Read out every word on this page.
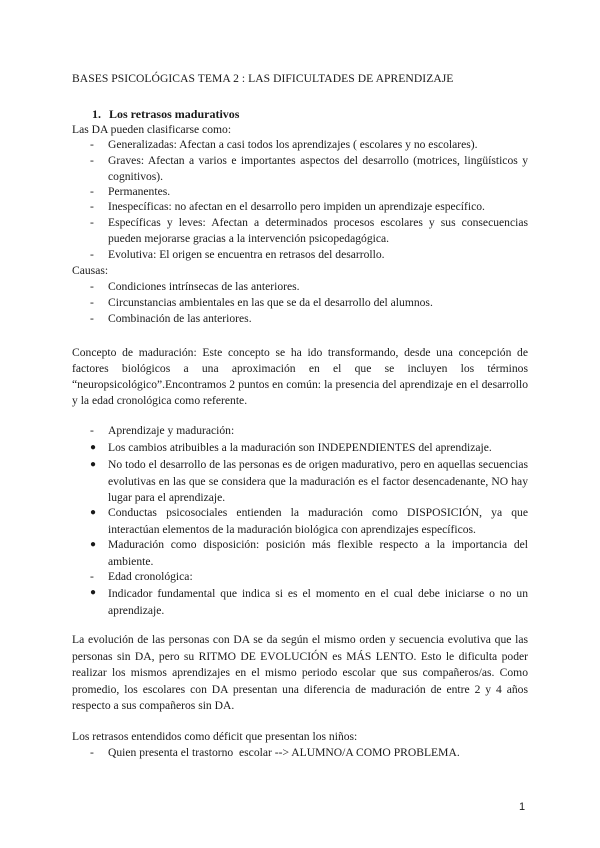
BASES PSICOLÓGICAS TEMA 2 : LAS DIFICULTADES DE APRENDIZAJE
1. Los retrasos madurativos
Las DA pueden clasificarse como:
-	Generalizadas: Afectan a casi todos los aprendizajes ( escolares y no escolares).
-	Graves: Afectan a varios e importantes aspectos del desarrollo (motrices, lingüísticos y cognitivos).
-	Permanentes.
-	Inespecíficas: no afectan en el desarrollo pero impiden un aprendizaje específico.
-	Específicas y leves: Afectan a determinados procesos escolares y sus consecuencias pueden mejorarse gracias a la intervención psicopedagógica.
-	Evolutiva: El origen se encuentra en retrasos del desarrollo.
Causas:
-	Condiciones intrínsecas de las anteriores.
-	Circunstancias ambientales en las que se da el desarrollo del alumnos.
-	Combinación de las anteriores.
Concepto de maduración: Este concepto se ha ido transformando, desde una concepción de factores biológicos a una aproximación en el que se incluyen los términos “neuropsicológico”.Encontramos 2 puntos en común: la presencia del aprendizaje en el desarrollo y la edad cronológica como referente.
-	Aprendizaje y maduración:
●	Los cambios atribuibles a la maduración son INDEPENDIENTES del aprendizaje.
●	No todo el desarrollo de las personas es de origen madurativo, pero en aquellas secuencias evolutivas en las que se considera que la maduración es el factor desencadenante, NO hay lugar para el aprendizaje.
●	Conductas psicosociales entienden la maduración como DISPOSICIÓN, ya que interactúan elementos de la maduración biológica con aprendizajes específicos.
●	Maduración como disposición: posición más flexible respecto a la importancia del ambiente.
-	Edad cronológica:
●	Indicador fundamental que indica si es el momento en el cual debe iniciarse o no un aprendizaje.
La evolución de las personas con DA se da según el mismo orden y secuencia evolutiva que las personas sin DA, pero su RITMO DE EVOLUCIÓN es MÁS LENTO. Esto le dificulta poder realizar los mismos aprendizajes en el mismo periodo escolar que sus compañeros/as. Como promedio, los escolares con DA presentan una diferencia de maduración de entre 2 y 4 años respecto a sus compañeros sin DA.
Los retrasos entendidos como déficit que presentan los niños:
-	Quien presenta el trastorno  escolar --> ALUMNO/A COMO PROBLEMA.
1
